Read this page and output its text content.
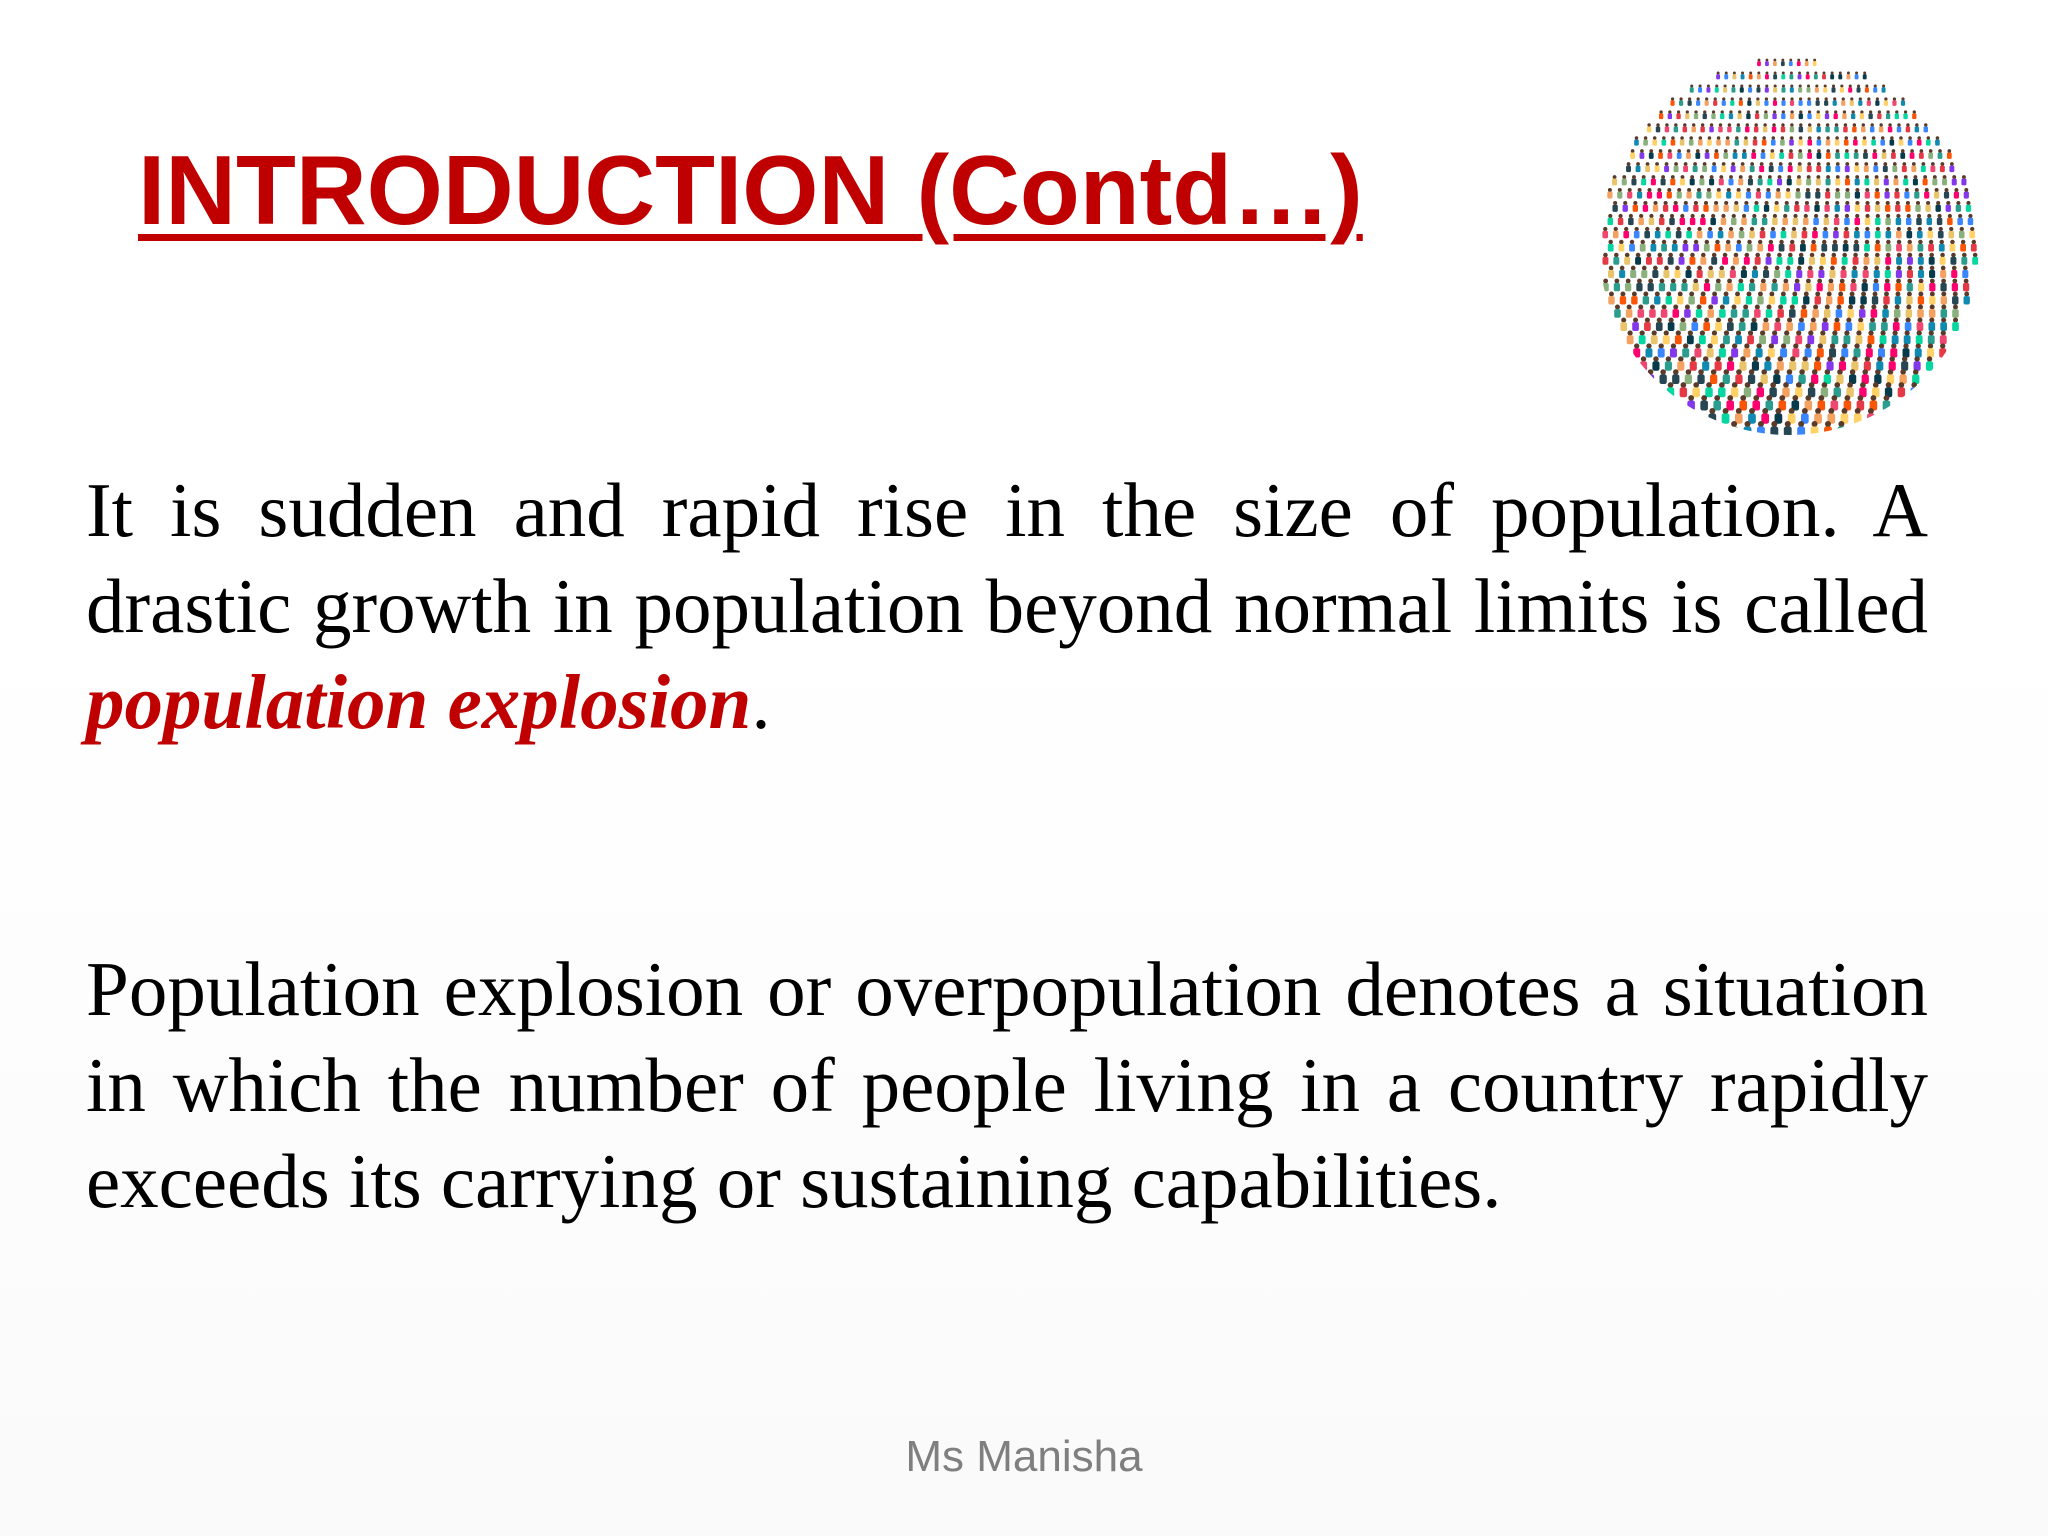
INTRODUCTION (Contd…)

It is sudden and rapid rise in the size of population. A drastic growth in population beyond normal limits is called population explosion.

Population explosion or overpopulation denotes a situation in which the number of people living in a country rapidly exceeds its carrying or sustaining capabilities.

Ms Manisha
